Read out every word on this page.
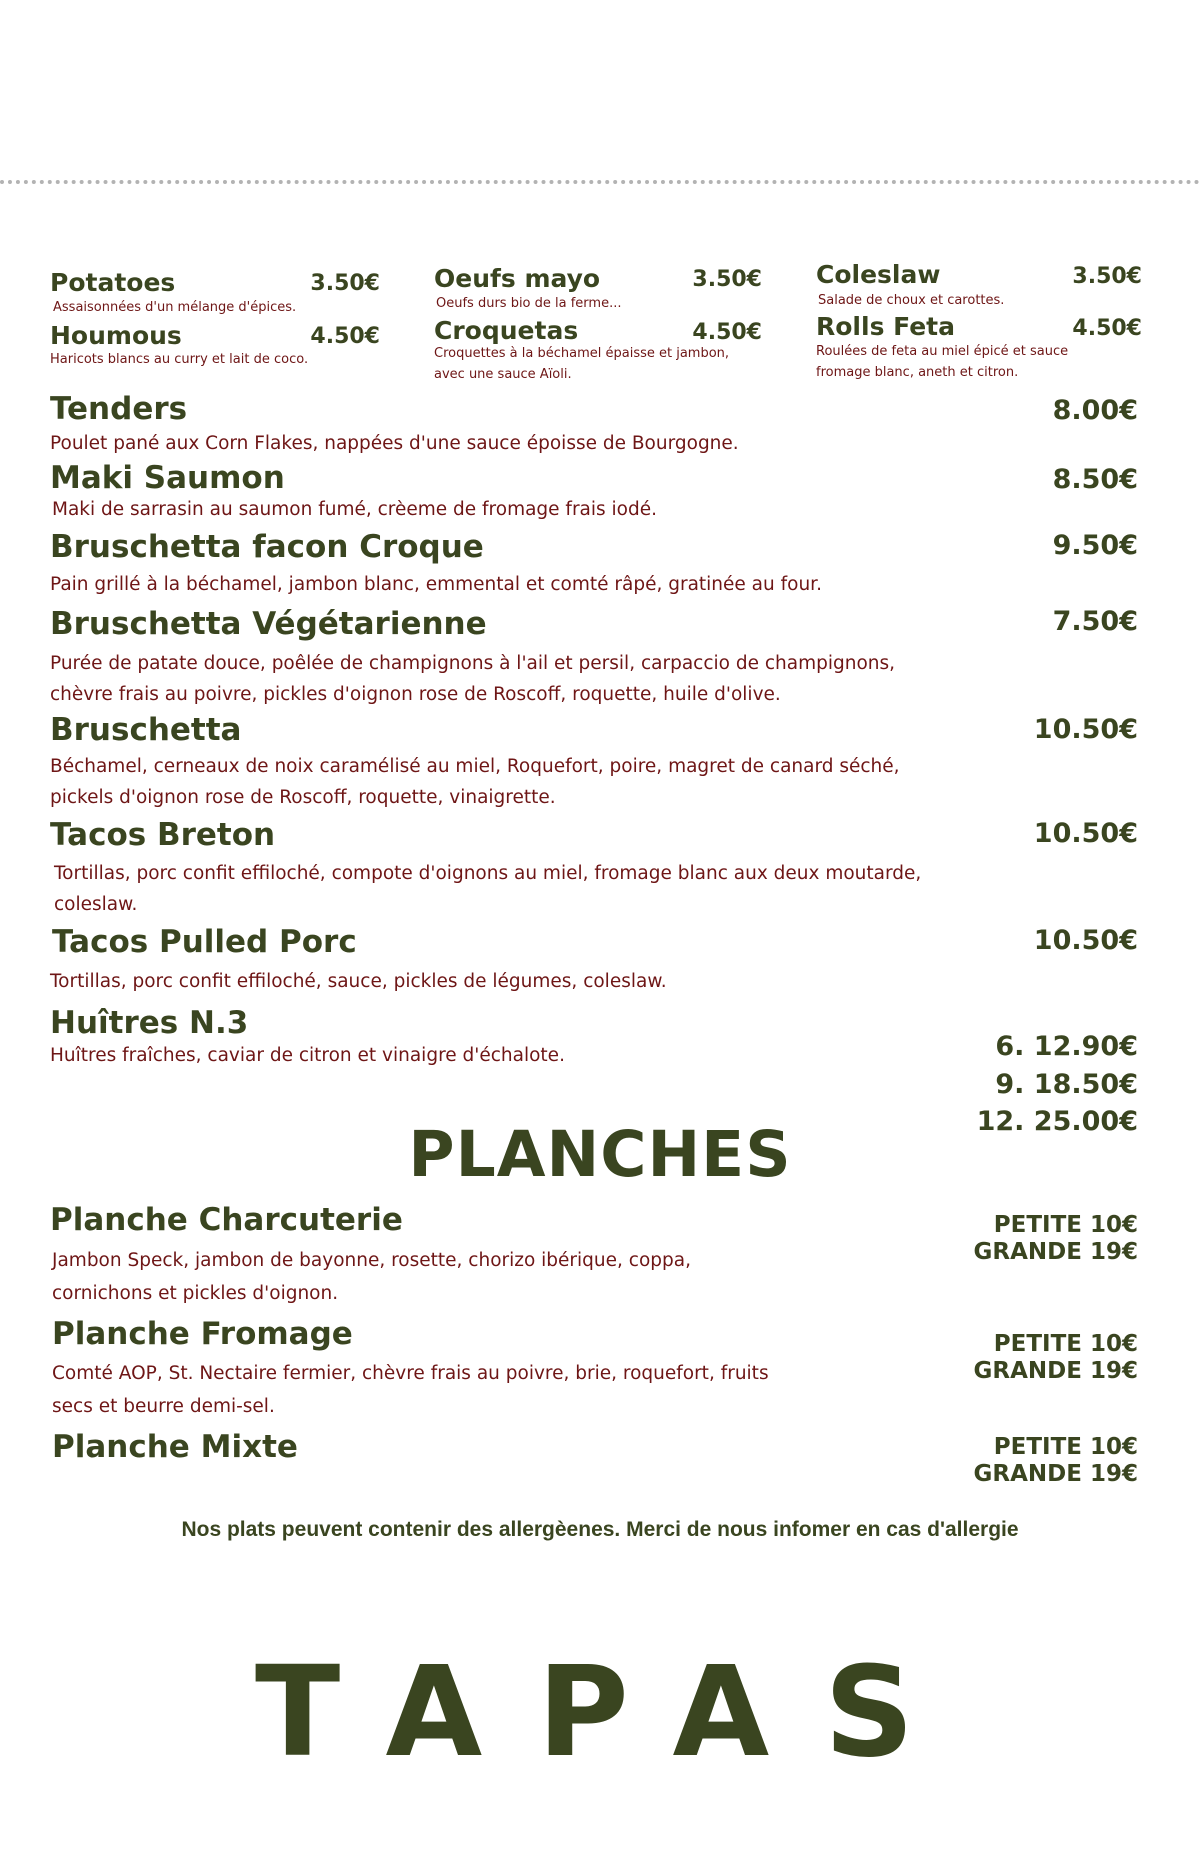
Potatoes	3.50€
Assaisonnées d'un mélange d'épices.
Houmous	4.50€
Haricots blancs au curry et lait de coco.
Oeufs mayo	3.50€
Oeufs durs bio de la ferme...
Croquetas	4.50€
Croquettes à la béchamel épaisse et jambon,
avec une sauce Aïoli.
Coleslaw	3.50€
Salade de choux et carottes.
Rolls Feta	4.50€
Roulées de feta au miel épicé et sauce
fromage blanc, aneth et citron.
Tenders	8.00€
Poulet pané aux Corn Flakes, nappées d'une sauce époisse de Bourgogne.
Maki Saumon	8.50€
Maki de sarrasin au saumon fumé, crèeme de fromage frais iodé.
Bruschetta facon Croque	9.50€
Pain grillé à la béchamel, jambon blanc, emmental et comté râpé, gratinée au four.
Bruschetta Végétarienne	7.50€
Purée de patate douce, poêlée de champignons à l'ail et persil, carpaccio de champignons,
chèvre frais au poivre, pickles d'oignon rose de Roscoff, roquette, huile d'olive.
Bruschetta	10.50€
Béchamel, cerneaux de noix caramélisé au miel, Roquefort, poire, magret de canard séché,
pickels d'oignon rose de Roscoff, roquette, vinaigrette.
Tacos Breton	10.50€
Tortillas, porc confit effiloché, compote d'oignons au miel, fromage blanc aux deux moutarde,
coleslaw.
Tacos Pulled Porc	10.50€
Tortillas, porc confit effiloché, sauce, pickles de légumes, coleslaw.
Huîtres N.3
Huîtres fraîches, caviar de citron et vinaigre d'échalote.	6. 12.90€
9. 18.50€
12. 25.00€
PLANCHES
Planche Charcuterie	PETITE 10€
GRANDE 19€
Jambon Speck, jambon de bayonne, rosette, chorizo ibérique, coppa,
cornichons et pickles d'oignon.
Planche Fromage	PETITE 10€
GRANDE 19€
Comté AOP, St. Nectaire fermier, chèvre frais au poivre, brie, roquefort, fruits
secs et beurre demi-sel.
Planche Mixte	PETITE 10€
GRANDE 19€
Nos plats peuvent contenir des allergèenes. Merci de nous infomer en cas d'allergie
TAPAS
